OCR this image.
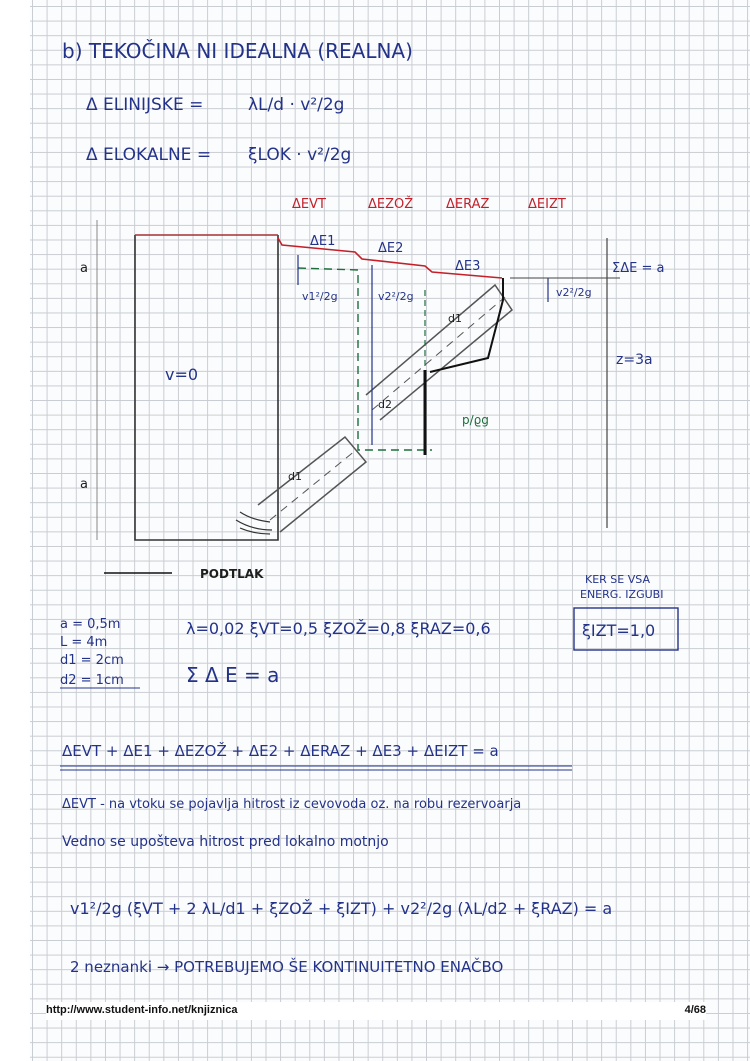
b) TEKOČINA NI IDEALNA (REALNA)
Δ ELINIJSKE =	λL/d · v²/2g
Δ ELOKALNE = ξLOK · v²/2g
a
a
v=0
d1
d1
d2
ΔEVT	ΔEZOŽ	ΔERAZ	ΔEIZT
ΔE1	ΔE2
ΔE3
v1²/2g	v2²/2g	v2²/2g
ΣΔE = a
z=3a
p/ϱg
PODTLAK
a = 0,5m
L = 4m
d1 = 2cm
d2 = 1cm
λ=0,02 ξVT=0,5 ξZOŽ=0,8 ξRAZ=0,6
KER SE VSA
ENERG. IZGUBI
ξIZT=1,0
Σ Δ E = a
ΔEVT + ΔE1 + ΔEZOŽ + ΔE2 + ΔERAZ + ΔE3 + ΔEIZT = a
ΔEVT - na vtoku se pojavlja hitrost iz cevovoda oz. na robu rezervoarja
Vedno se upošteva hitrost pred lokalno motnjo
v1²/2g (ξVT + 2 λL/d1 + ξZOŽ + ξIZT) + v2²/2g (λL/d2 + ξRAZ) = a
2 neznanki → POTREBUJEMO ŠE KONTINUITETNO ENAČBO
http://www.student-info.net/knjiznica	4/68
